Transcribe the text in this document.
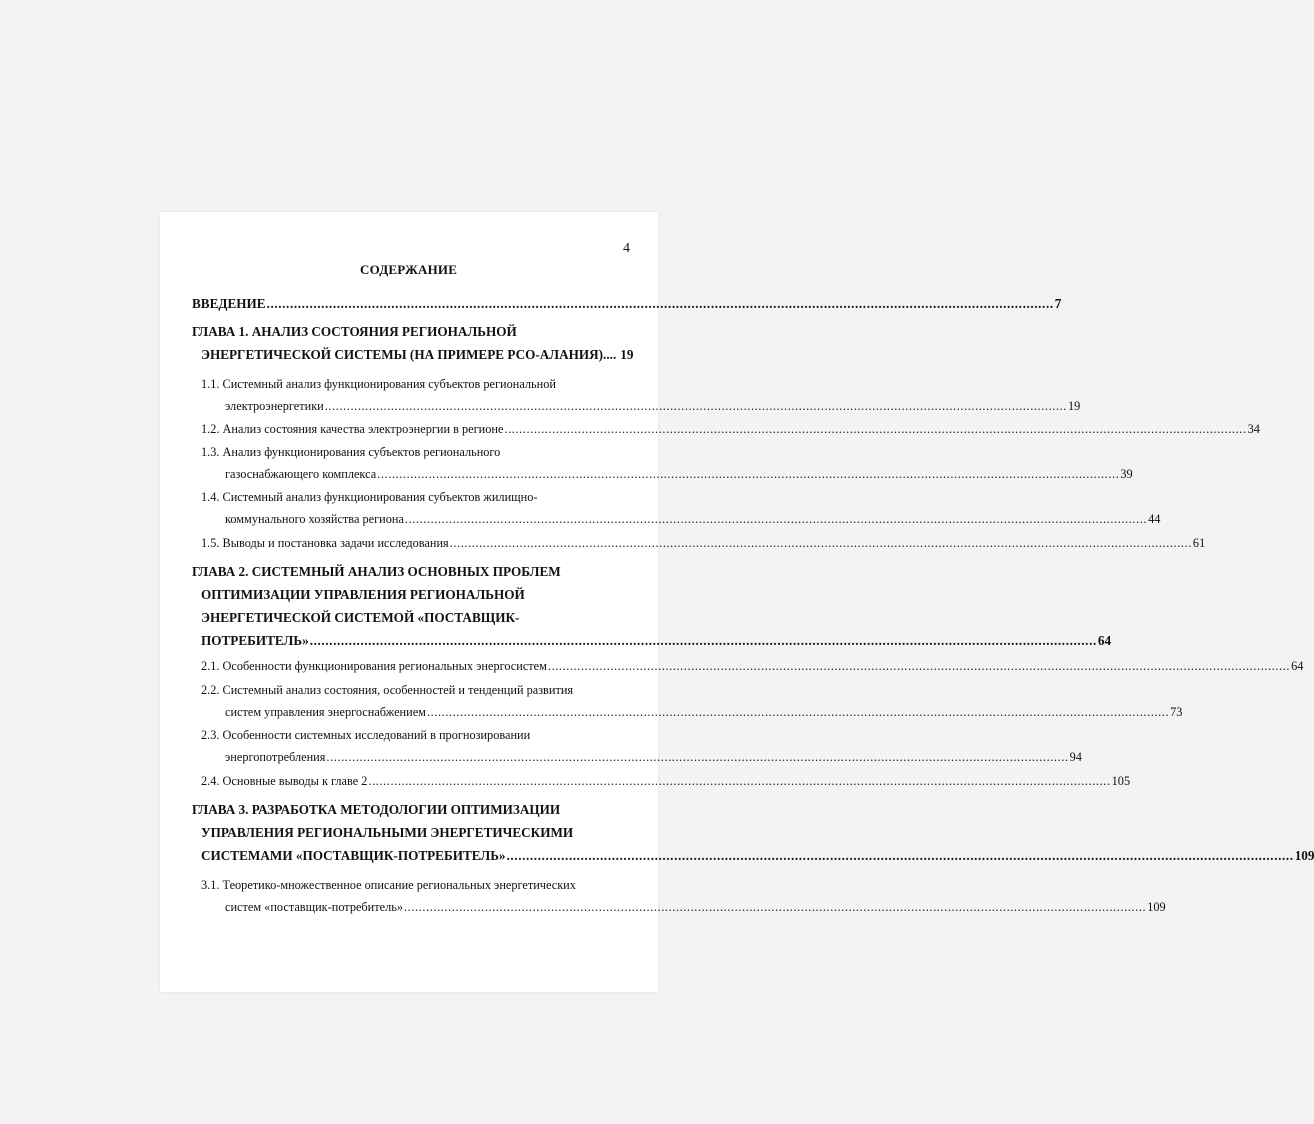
4
СОДЕРЖАНИЕ
ВВЕДЕНИЕ .......................................................................................................................................................................................................... 7
ГЛАВА 1. АНАЛИЗ СОСТОЯНИЯ РЕГИОНАЛЬНОЙ
ЭНЕРГЕТИЧЕСКОЙ СИСТЕМЫ (НА ПРИМЕРЕ РСО-АЛАНИЯ).... 19
1.1. Системный анализ функционирования субъектов региональной
электроэнергетики .......................................................................................................................................................................................................... 19
1.2. Анализ состояния качества электроэнергии в регионе .......................................................................................................................................................................................................... 34
1.3. Анализ функционирования субъектов регионального
газоснабжающего комплекса .......................................................................................................................................................................................................... 39
1.4. Системный анализ функционирования субъектов жилищно-
коммунального хозяйства региона .......................................................................................................................................................................................................... 44
1.5. Выводы и постановка задачи исследования .......................................................................................................................................................................................................... 61
ГЛАВА 2. СИСТЕМНЫЙ АНАЛИЗ ОСНОВНЫХ ПРОБЛЕМ
ОПТИМИЗАЦИИ УПРАВЛЕНИЯ РЕГИОНАЛЬНОЙ
ЭНЕРГЕТИЧЕСКОЙ СИСТЕМОЙ «ПОСТАВЩИК-
ПОТРЕБИТЕЛЬ» .......................................................................................................................................................................................................... 64
2.1. Особенности функционирования региональных энергосистем .......................................................................................................................................................................................................... 64
2.2. Системный анализ состояния, особенностей и тенденций развития
систем управления энергоснабжением .......................................................................................................................................................................................................... 73
2.3. Особенности системных исследований в прогнозировании
энергопотребления .......................................................................................................................................................................................................... 94
2.4. Основные выводы к главе 2 .......................................................................................................................................................................................................... 105
ГЛАВА 3. РАЗРАБОТКА МЕТОДОЛОГИИ ОПТИМИЗАЦИИ
УПРАВЛЕНИЯ РЕГИОНАЛЬНЫМИ ЭНЕРГЕТИЧЕСКИМИ
СИСТЕМАМИ «ПОСТАВЩИК-ПОТРЕБИТЕЛЬ» .......................................................................................................................................................................................................... 109
3.1. Теоретико-множественное описание региональных энергетических
систем «поставщик-потребитель» .......................................................................................................................................................................................................... 109
